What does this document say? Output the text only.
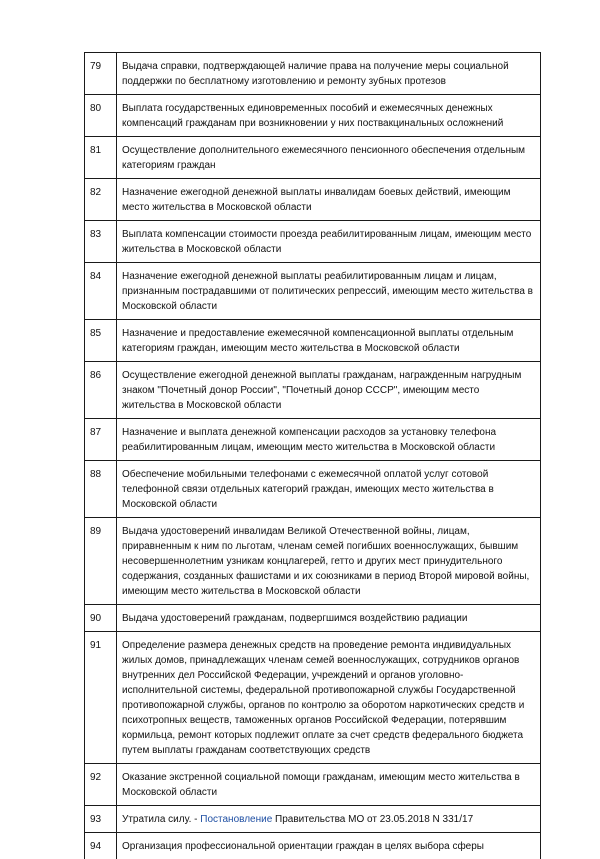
79	Выдача справки, подтверждающей наличие права на получение меры социальной поддержки по бесплатному изготовлению и ремонту зубных протезов
80	Выплата государственных единовременных пособий и ежемесячных денежных компенсаций гражданам при возникновении у них поствакцинальных осложнений
81	Осуществление дополнительного ежемесячного пенсионного обеспечения отдельным категориям граждан
82	Назначение ежегодной денежной выплаты инвалидам боевых действий, имеющим место жительства в Московской области
83	Выплата компенсации стоимости проезда реабилитированным лицам, имеющим место жительства в Московской области
84	Назначение ежегодной денежной выплаты реабилитированным лицам и лицам, признанным пострадавшими от политических репрессий, имеющим место жительства в Московской области
85	Назначение и предоставление ежемесячной компенсационной выплаты отдельным категориям граждан, имеющим место жительства в Московской области
86	Осуществление ежегодной денежной выплаты гражданам, награжденным нагрудным знаком "Почетный донор России", "Почетный донор СССР", имеющим место жительства в Московской области
87	Назначение и выплата денежной компенсации расходов за установку телефона реабилитированным лицам, имеющим место жительства в Московской области
88	Обеспечение мобильными телефонами с ежемесячной оплатой услуг сотовой телефонной связи отдельных категорий граждан, имеющих место жительства в Московской области
89	Выдача удостоверений инвалидам Великой Отечественной войны, лицам, приравненным к ним по льготам, членам семей погибших военнослужащих, бывшим несовершеннолетним узникам концлагерей, гетто и других мест принудительного содержания, созданных фашистами и их союзниками в период Второй мировой войны, имеющим место жительства в Московской области
90	Выдача удостоверений гражданам, подвергшимся воздействию радиации
91	Определение размера денежных средств на проведение ремонта индивидуальных жилых домов, принадлежащих членам семей военнослужащих, сотрудников органов внутренних дел Российской Федерации, учреждений и органов уголовно-исполнительной системы, федеральной противопожарной службы Государственной противопожарной службы, органов по контролю за оборотом наркотических средств и психотропных веществ, таможенных органов Российской Федерации, потерявшим кормильца, ремонт которых подлежит оплате за счет средств федерального бюджета путем выплаты гражданам соответствующих средств
92	Оказание экстренной социальной помощи гражданам, имеющим место жительства в Московской области
93	Утратила силу. - Постановление Правительства МО от 23.05.2018 N 331/17
94	Организация профессиональной ориентации граждан в целях выбора сферы
